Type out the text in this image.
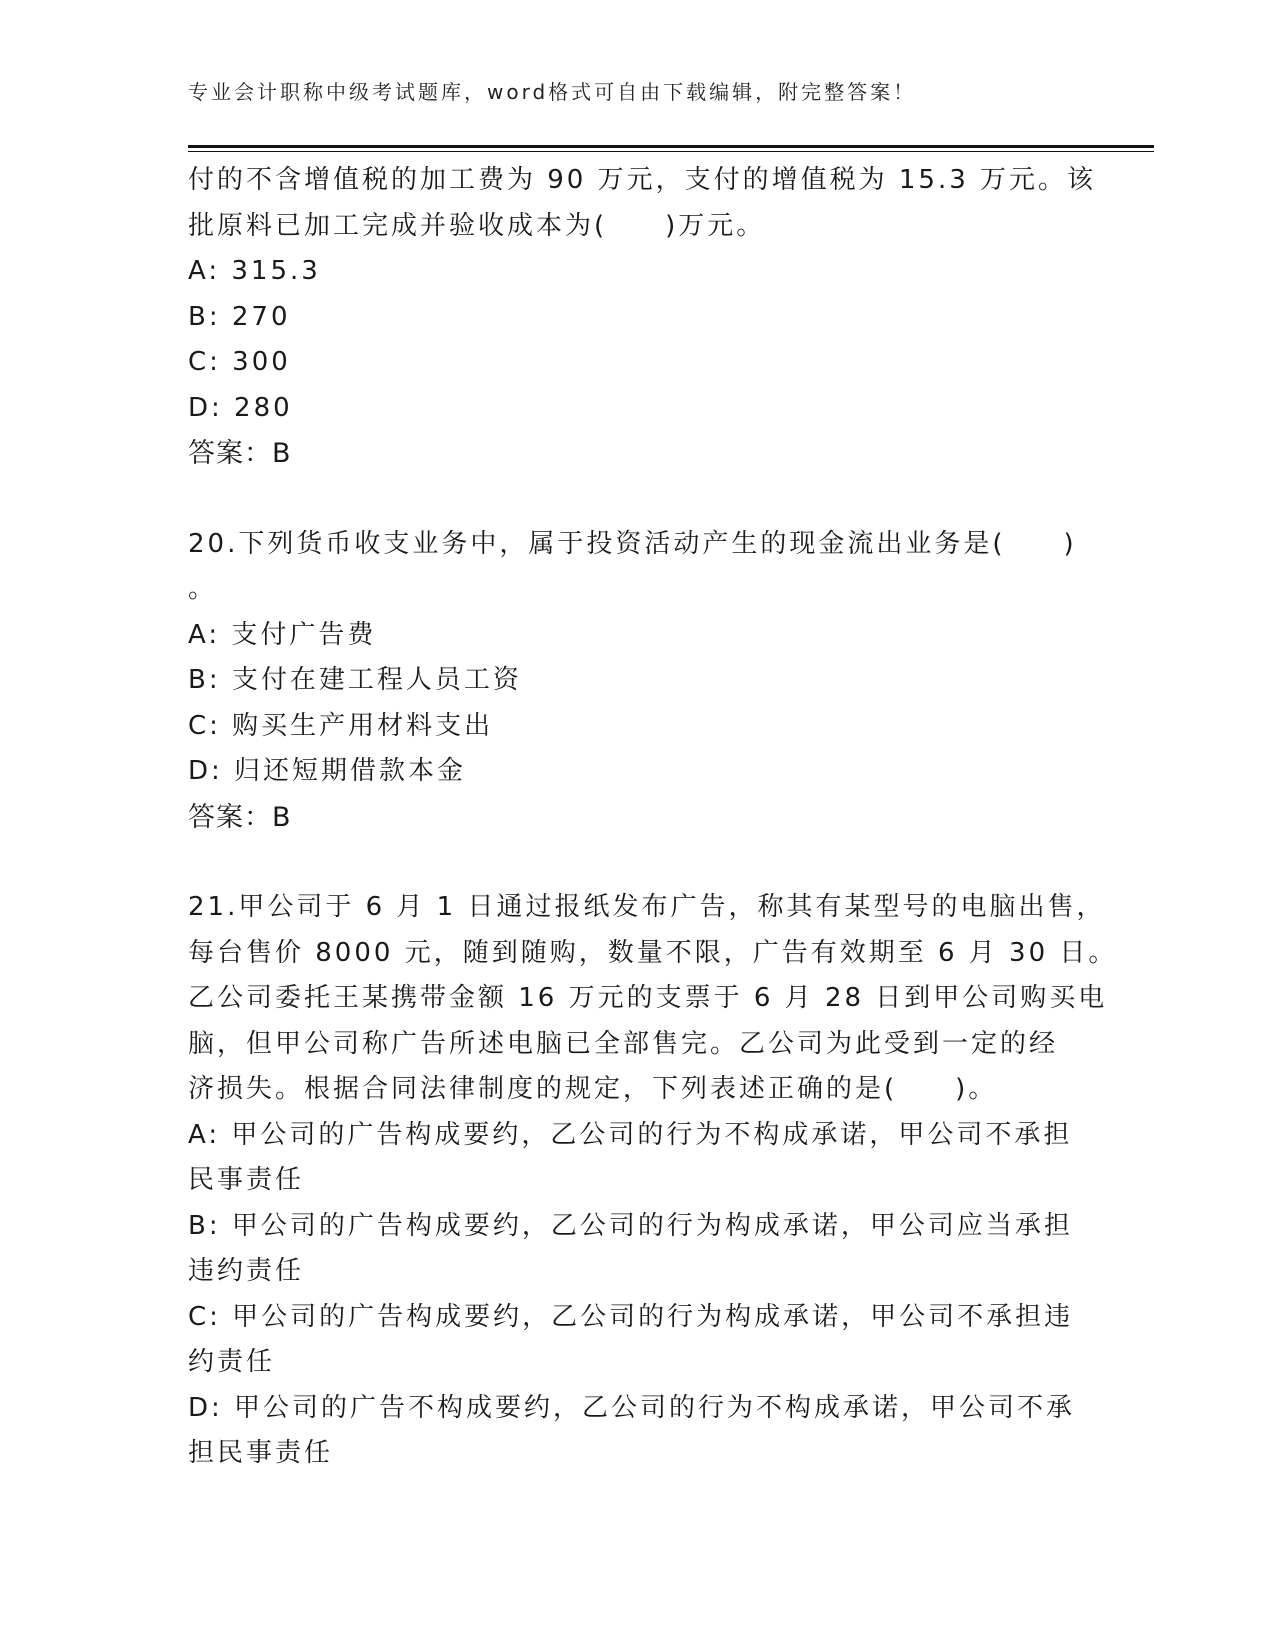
专业会计职称中级考试题库，word格式可自由下载编辑，附完整答案！

付的不含增值税的加工费为 90 万元，支付的增值税为 15.3 万元。该

批原料已加工完成并验收成本为(　　)万元。

A: 315.3

B: 270

C: 300

D: 280

答案：B

20.下列货币收支业务中，属于投资活动产生的现金流出业务是(　　)

。

A: 支付广告费

B: 支付在建工程人员工资

C: 购买生产用材料支出

D: 归还短期借款本金

答案：B

21.甲公司于 6 月 1 日通过报纸发布广告，称其有某型号的电脑出售，

每台售价 8000 元，随到随购，数量不限，广告有效期至 6 月 30 日。

乙公司委托王某携带金额 16 万元的支票于 6 月 28 日到甲公司购买电

脑，但甲公司称广告所述电脑已全部售完。乙公司为此受到一定的经

济损失。根据合同法律制度的规定，下列表述正确的是(　　)。

A: 甲公司的广告构成要约，乙公司的行为不构成承诺，甲公司不承担

民事责任

B: 甲公司的广告构成要约，乙公司的行为构成承诺，甲公司应当承担

违约责任

C: 甲公司的广告构成要约，乙公司的行为构成承诺，甲公司不承担违

约责任

D: 甲公司的广告不构成要约，乙公司的行为不构成承诺，甲公司不承

担民事责任
